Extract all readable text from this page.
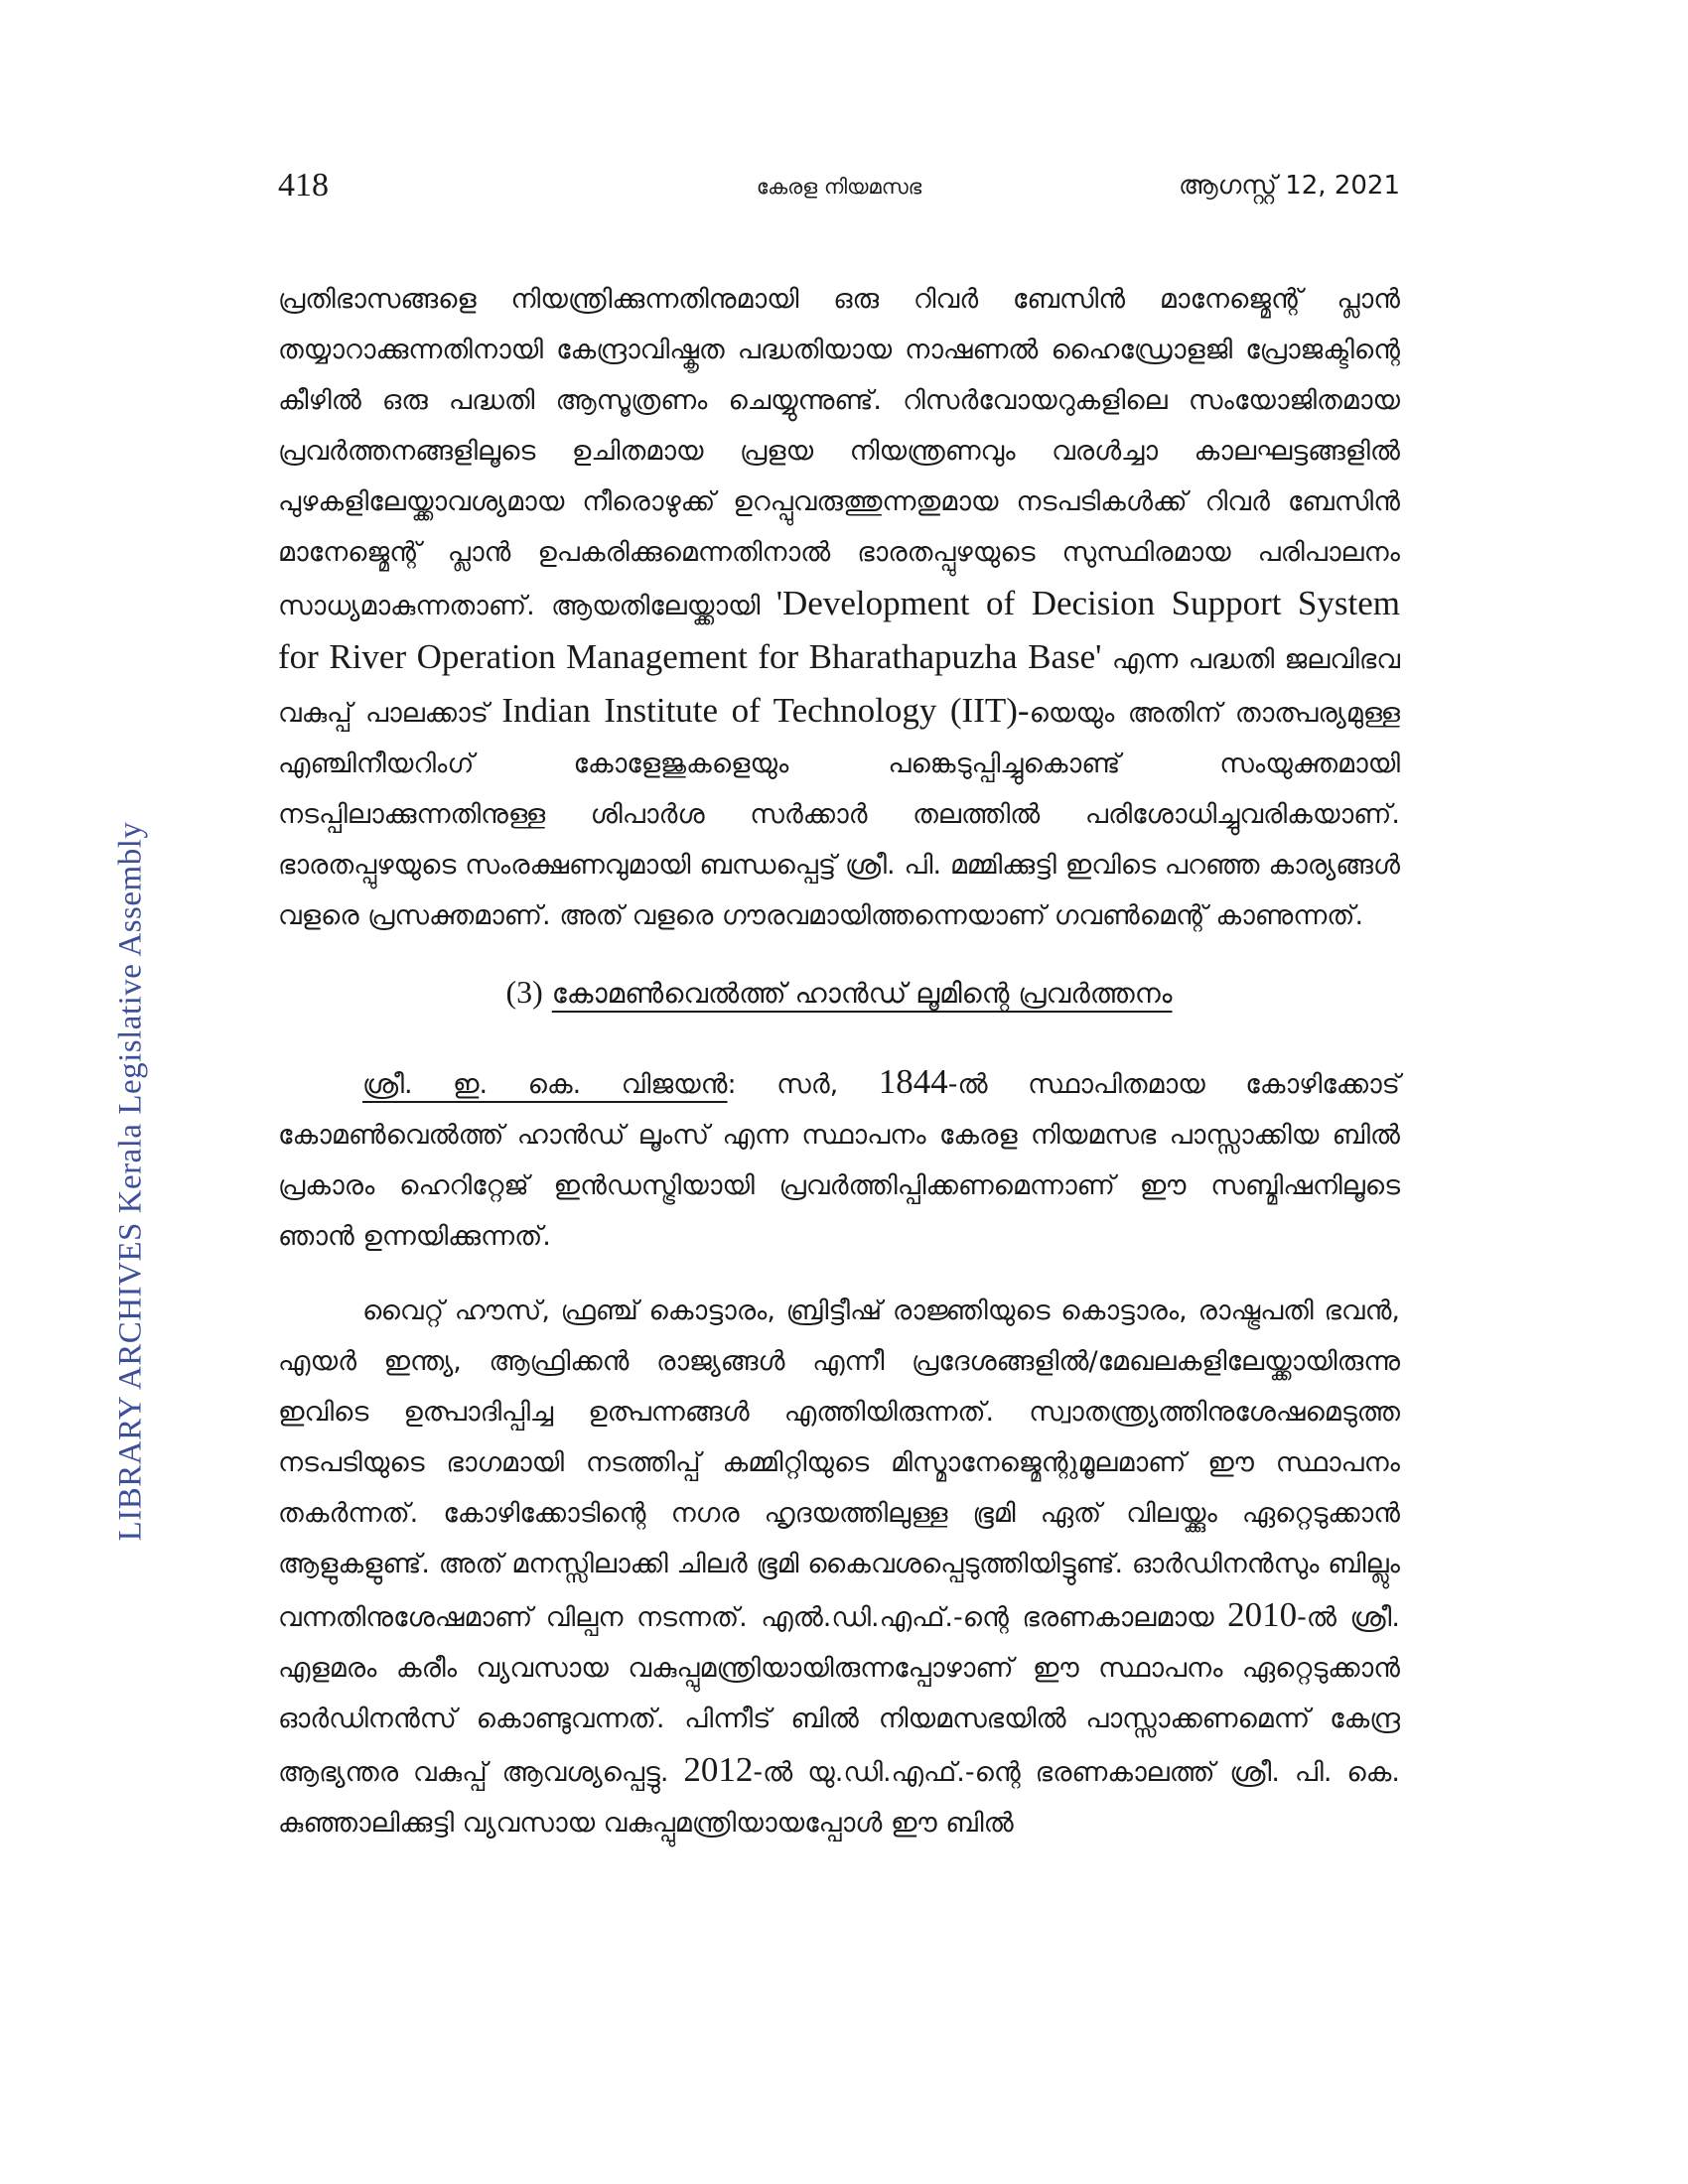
LIBRARY ARCHIVES Kerala Legislative Assembly
418	കേരള നിയമസഭ	ആഗസ്റ്റ് 12, 2021

പ്രതിഭാസങ്ങളെ നിയന്ത്രിക്കുന്നതിനുമായി ഒരു റിവർ ബേസിൻ മാനേജ്മെന്റ് പ്ലാൻ തയ്യാറാക്കുന്നതിനായി കേന്ദ്രാവിഷ്കൃത പദ്ധതിയായ നാഷണൽ ഹൈഡ്രോളജി പ്രോജക്ടിന്റെ കീഴിൽ ഒരു പദ്ധതി ആസൂത്രണം ചെയ്യുന്നുണ്ട്. റിസർവോയറുകളിലെ സംയോജിതമായ പ്രവർത്തനങ്ങളിലൂടെ ഉചിതമായ പ്രളയ നിയന്ത്രണവും വരൾച്ചാ കാലഘട്ടങ്ങളിൽ പുഴകളിലേയ്ക്കാവശ്യമായ നീരൊഴുക്ക് ഉറപ്പുവരുത്തുന്നതുമായ നടപടികൾക്ക് റിവർ ബേസിൻ മാനേജ്മെന്റ് പ്ലാൻ ഉപകരിക്കുമെന്നതിനാൽ ഭാരതപ്പുഴയുടെ സുസ്ഥിരമായ പരിപാലനം സാധ്യമാകുന്നതാണ്. ആയതിലേയ്ക്കായി 'Development of Decision Support System for River Operation Management for Bharathapuzha Base' എന്ന പദ്ധതി ജലവിഭവ വകുപ്പ് പാലക്കാട് Indian Institute of Technology (IIT)-യെയും അതിന് താത്പര്യമുള്ള എഞ്ചിനീയറിംഗ് കോളേജുകളെയും പങ്കെടുപ്പിച്ചുകൊണ്ട് സംയുക്തമായി നടപ്പിലാക്കുന്നതിനുള്ള ശിപാർശ സർക്കാർ തലത്തിൽ പരിശോധിച്ചുവരികയാണ്. ഭാരതപ്പുഴയുടെ സംരക്ഷണവുമായി ബന്ധപ്പെട്ട് ശ്രീ. പി. മമ്മിക്കുട്ടി ഇവിടെ പറഞ്ഞ കാര്യങ്ങൾ വളരെ പ്രസക്തമാണ്. അത് വളരെ ഗൗരവമായിത്തന്നെയാണ് ഗവൺമെന്റ് കാണുന്നത്.

(3) കോമൺവെൽത്ത് ഹാൻഡ് ലൂമിന്റെ പ്രവർത്തനം

ശ്രീ. ഇ. കെ. വിജയൻ: സർ, 1844-ൽ സ്ഥാപിതമായ കോഴിക്കോട് കോമൺവെൽത്ത് ഹാൻഡ് ലൂംസ് എന്ന സ്ഥാപനം കേരള നിയമസഭ പാസ്സാക്കിയ ബിൽ പ്രകാരം ഹെറിറ്റേജ് ഇൻഡസ്ട്രിയായി പ്രവർത്തിപ്പിക്കണമെന്നാണ് ഈ സബ്മിഷനിലൂടെ ഞാൻ ഉന്നയിക്കുന്നത്.

വൈറ്റ് ഹൗസ്, ഫ്രഞ്ച് കൊട്ടാരം, ബ്രിട്ടീഷ് രാജ്ഞിയുടെ കൊട്ടാരം, രാഷ്ട്രപതി ഭവൻ, എയർ ഇന്ത്യ, ആഫ്രിക്കൻ രാജ്യങ്ങൾ എന്നീ പ്രദേശങ്ങളിൽ/മേഖലകളിലേയ്ക്കായിരുന്നു ഇവിടെ ഉത്പാദിപ്പിച്ച ഉത്പന്നങ്ങൾ എത്തിയിരുന്നത്. സ്വാതന്ത്ര്യത്തിനുശേഷമെടുത്ത നടപടിയുടെ ഭാഗമായി നടത്തിപ്പ് കമ്മിറ്റിയുടെ മിസ്മാനേജ്മെന്റുമൂലമാണ് ഈ സ്ഥാപനം തകർന്നത്. കോഴിക്കോടിന്റെ നഗര ഹൃദയത്തിലുള്ള ഭൂമി ഏത് വിലയ്ക്കും ഏറ്റെടുക്കാൻ ആളുകളുണ്ട്. അത് മനസ്സിലാക്കി ചിലർ ഭൂമി കൈവശപ്പെടുത്തിയിട്ടുണ്ട്. ഓർഡിനൻസും ബില്ലും വന്നതിനുശേഷമാണ് വില്പന നടന്നത്. എൽ.ഡി.എഫ്.-ന്റെ ഭരണകാലമായ 2010-ൽ ശ്രീ. എളമരം കരീം വ്യവസായ വകുപ്പുമന്ത്രിയായിരുന്നപ്പോഴാണ് ഈ സ്ഥാപനം ഏറ്റെടുക്കാൻ ഓർഡിനൻസ് കൊണ്ടുവന്നത്. പിന്നീട് ബിൽ നിയമസഭയിൽ പാസ്സാക്കണമെന്ന് കേന്ദ്ര ആഭ്യന്തര വകുപ്പ് ആവശ്യപ്പെട്ടു. 2012-ൽ യു.ഡി.എഫ്.-ന്റെ ഭരണകാലത്ത് ശ്രീ. പി. കെ. കുഞ്ഞാലിക്കുട്ടി വ്യവസായ വകുപ്പുമന്ത്രിയായപ്പോൾ ഈ ബിൽ
